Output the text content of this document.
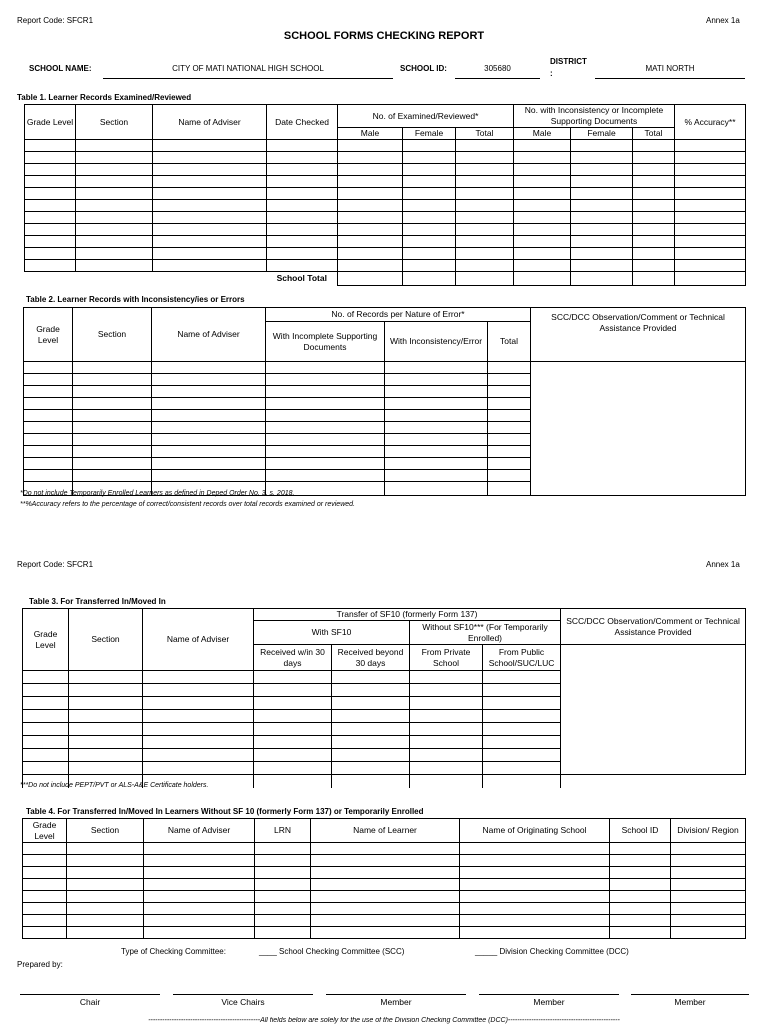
Report Code: SFCR1	Annex 1a
SCHOOL FORMS CHECKING REPORT
SCHOOL NAME:	CITY OF MATI NATIONAL HIGH SCHOOL	SCHOOL ID:	305680
DISTRICT
:
MATI NORTH
Table 1. Learner Records Examined/Reviewed
Grade Level	Section	Name of Adviser	Date Checked	No. of Examined/Reviewed*			No. with Inconsistency or Incomplete Supporting Documents			% Accuracy**
				Male	Female	Total	Male	Female	Total	

			School Total							
Table 2. Learner Records with Inconsistency/ies or Errors
Grade Level	Section	Name of Adviser	No. of Records per Nature of Error*			SCC/DCC Observation/Comment or Technical Assistance Provided
			With Incomplete Supporting Documents	With Inconsistency/Error	Total	

*Do not include Temporarily Enrolled Learners as defined in Deped Order No. 3, s. 2018.
**%Accuracy refers to the percentage of correct/consistent records over total records examined or reviewed.
Report Code: SFCR1	Annex 1a
Table 3. For Transferred In/Moved In
Grade Level	Section	Name of Adviser	Transfer of SF10 (formerly Form 137)				SCC/DCC Observation/Comment or Technical Assistance Provided
			With SF10		Without SF10*** (For Temporarily Enrolled)		
			Received w/in 30 days	Received beyond 30 days	From Private School	From Public School/SUC/LUC	

***Do not include PEPT/PVT or ALS-A&E Certificate holders.
Table 4. For Transferred In/Moved In Learners Without SF 10 (formerly Form 137) or Temporarily Enrolled
Grade Level	Section	Name of Adviser	LRN	Name of Learner	Name of Originating School	School ID	Division/ Region

Type of Checking Committee:	____ School Checking Committee (SCC)	_____ Division Checking Committee (DCC)
Prepared by:
Chair	Vice Chairs	Member	Member	Member
------------------------------------------------All fields below are solely for the use of the Division Checking Committee (DCC)------------------------------------------------
